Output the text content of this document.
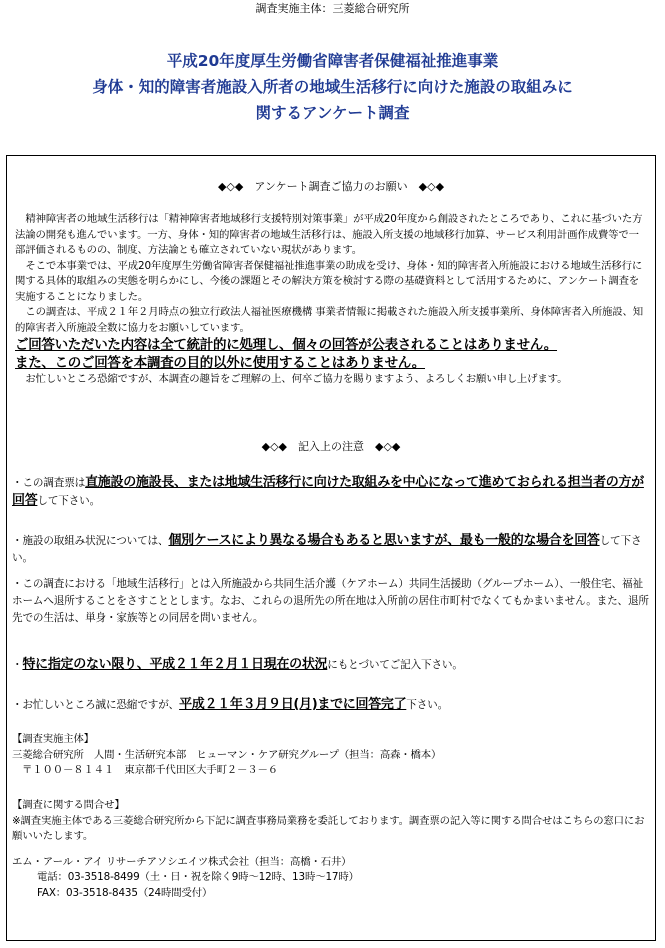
調査実施主体：三菱総合研究所
平成20年度厚生労働省障害者保健福祉推進事業
身体・知的障害者施設入所者の地域生活移行に向けた施設の取組みに
関するアンケート調査
◆◇◆　アンケート調査ご協力のお願い　◆◇◆

精神障害者の地域生活移行は「精神障害者地域移行支援特別対策事業」が平成20年度から創設されたところであり、これに基づいた方法論の開発も進んでいます。一方、身体・知的障害者の地域生活移行は、施設入所支援の地域移行加算、サービス利用計画作成費等で一部評価されるものの、制度、方法論とも確立されていない現状があります。

そこで本事業では、平成20年度厚生労働省障害者保健福祉推進事業の助成を受け、身体・知的障害者入所施設における地域生活移行に関する具体的取組みの実態を明らかにし、今後の課題とその解決方策を検討する際の基礎資料として活用するために、アンケート調査を実施することになりました。

この調査は、平成２１年２月時点の独立行政法人福祉医療機構 事業者情報に掲載された施設入所支援事業所、身体障害者入所施設、知的障害者入所施設全数に協力をお願いしています。

ご回答いただいた内容は全て統計的に処理し、個々の回答が公表されることはありません。

また、このご回答を本調査の目的以外に使用することはありません。

お忙しいところ恐縮ですが、本調査の趣旨をご理解の上、何卒ご協力を賜りますよう、よろしくお願い申し上げます。

◆◇◆　記入上の注意　◆◇◆
・この調査票は直施設の施設長、または地域生活移行に向けた取組みを中心になって進めておられる担当者の方が回答して下さい。
・施設の取組み状況については、個別ケースにより異なる場合もあると思いますが、最も一般的な場合を回答して下さい。
・この調査における「地域生活移行」とは入所施設から共同生活介護（ケアホーム）共同生活援助（グループホーム）、一般住宅、福祉ホームへ退所することをさすこととします。なお、これらの退所先の所在地は入所前の居住市町村でなくてもかまいません。また、退所先での生活は、単身・家族等との同居を問いません。
・特に指定のない限り、平成２１年２月１日現在の状況にもとづいてご記入下さい。
・お忙しいところ誠に恐縮ですが、平成２１年３月９日(月)までに回答完了下さい。

【調査実施主体】

三菱総合研究所　人間・生活研究本部　ヒューマン・ケア研究グループ（担当：高森・橋本）

〒１００－８１４１　東京都千代田区大手町２－３－６

【調査に関する問合せ】

※調査実施主体である三菱総合研究所から下記に調査事務局業務を委託しております。調査票の記入等に関する問合せはこちらの窓口にお願いいたします。

エム・アール・アイ リサーチアソシエイツ株式会社（担当：高橋・石井）

電話：03-3518-8499（土・日・祝を除く9時～12時、13時～17時）

FAX：03-3518-8435（24時間受付）
